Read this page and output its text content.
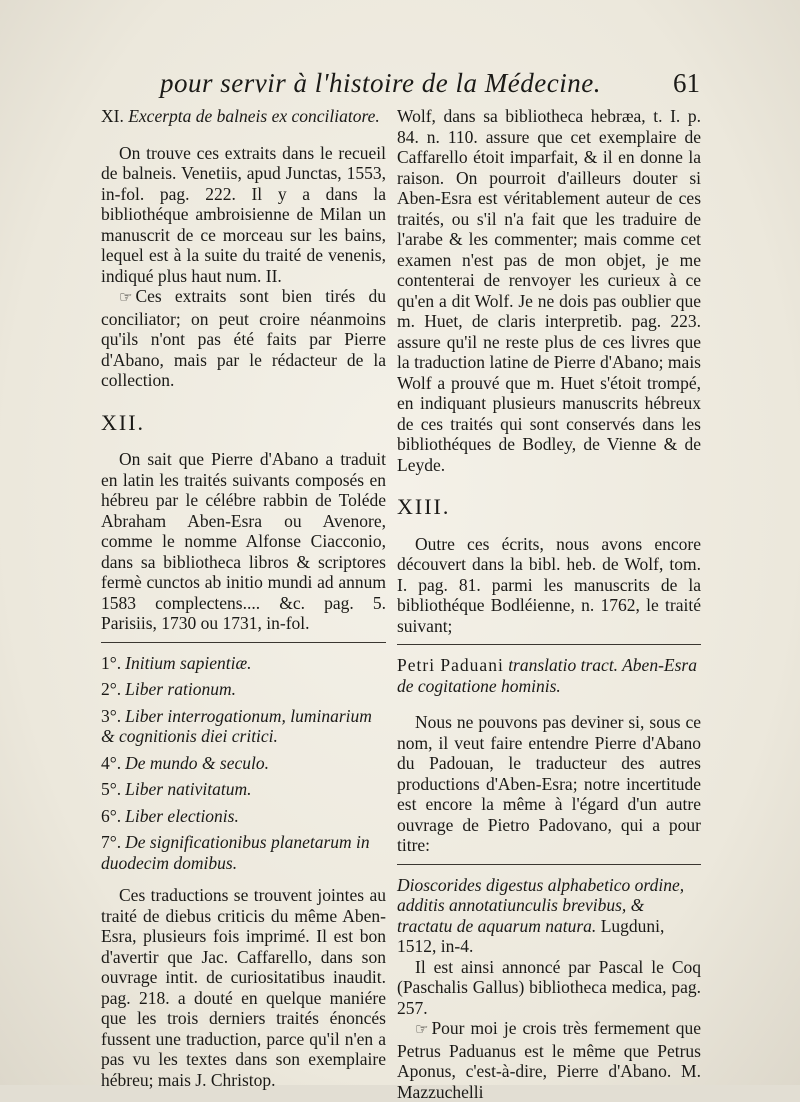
pour servir à l'histoire de la Médecine.	61

XI. Excerpta de balneis ex conciliatore.

On trouve ces extraits dans le recueil de balneis. Venetiis, apud Junctas, 1553, in-fol. pag. 222. Il y a dans la bibliothéque ambroisienne de Milan un manuscrit de ce morceau sur les bains, lequel est à la suite du traité de venenis, indiqué plus haut num. II.

☞ Ces extraits sont bien tirés du conciliator; on peut croire néanmoins qu'ils n'ont pas été faits par Pierre d'Abano, mais par le rédacteur de la collection.

XII.

On sait que Pierre d'Abano a traduit en latin les traités suivants composés en hébreu par le célébre rabbin de Toléde Abraham Aben-Esra ou Avenore, comme le nomme Alfonse Ciacconio, dans sa bibliotheca libros & scriptores fermè cunctos ab initio mundi ad annum 1583 complectens.... &c. pag. 5. Parisiis, 1730 ou 1731, in-fol.

1°. Initium sapientiæ.
2°. Liber rationum.
3°. Liber interrogationum, luminarium & cognitionis diei critici.
4°. De mundo & seculo.
5°. Liber nativitatum.
6°. Liber electionis.
7°. De significationibus planetarum in duodecim domibus.

Ces traductions se trouvent jointes au traité de diebus criticis du même Aben-Esra, plusieurs fois imprimé. Il est bon d'avertir que Jac. Caffarello, dans son ouvrage intit. de curiositatibus inaudit. pag. 218. a douté en quelque maniére que les trois derniers traités énoncés fussent une traduction, parce qu'il n'en a pas vu les textes dans son exemplaire hébreu; mais J. Christop.

Wolf, dans sa bibliotheca hebræa, t. I. p. 84. n. 110. assure que cet exemplaire de Caffarello étoit imparfait, & il en donne la raison. On pourroit d'ailleurs douter si Aben-Esra est véritablement auteur de ces traités, ou s'il n'a fait que les traduire de l'arabe & les commenter; mais comme cet examen n'est pas de mon objet, je me contenterai de renvoyer les curieux à ce qu'en a dit Wolf. Je ne dois pas oublier que m. Huet, de claris interpretib. pag. 223. assure qu'il ne reste plus de ces livres que la traduction latine de Pierre d'Abano; mais Wolf a prouvé que m. Huet s'étoit trompé, en indiquant plusieurs manuscrits hébreux de ces traités qui sont conservés dans les bibliothéques de Bodley, de Vienne & de Leyde.

XIII.

Outre ces écrits, nous avons encore découvert dans la bibl. heb. de Wolf, tom. I. pag. 81. parmi les manuscrits de la bibliothéque Bodléienne, n. 1762, le traité suivant;

Petri Paduani translatio tract. Aben-Esra de cogitatione hominis.

Nous ne pouvons pas deviner si, sous ce nom, il veut faire entendre Pierre d'Abano du Padouan, le traducteur des autres productions d'Aben-Esra; notre incertitude est encore la même à l'égard d'un autre ouvrage de Pietro Padovano, qui a pour titre:

Dioscorides digestus alphabetico ordine, additis annotatiunculis brevibus, & tractatu de aquarum natura. Lugduni, 1512, in-4.

Il est ainsi annoncé par Pascal le Coq (Paschalis Gallus) bibliotheca medica, pag. 257.

☞ Pour moi je crois très fermement que Petrus Paduanus est le même que Petrus Aponus, c'est-à-dire, Pierre d'Abano. M. Mazzuchelli
